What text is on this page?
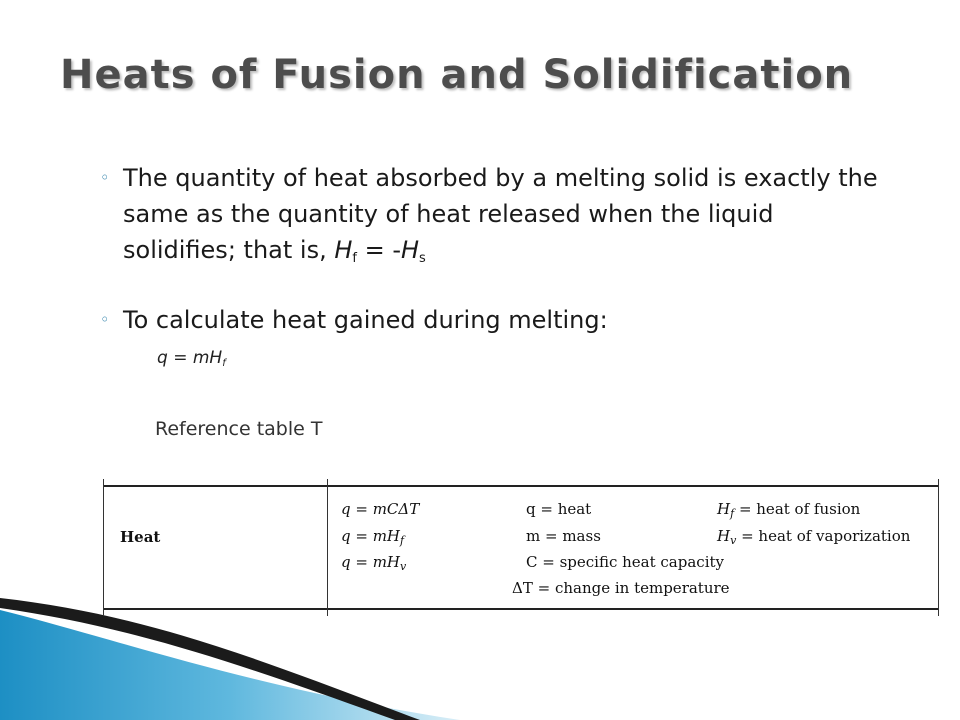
Heats of Fusion and Solidification
◦ The quantity of heat absorbed by a melting solid is exactly the same as the quantity of heat released when the liquid solidifies; that is, $H_f = -H_s$
◦ To calculate heat gained during melting:
$q = mH_f$
Reference table T
Heat
q = mCΔT
$q = mH_f$
$q = mH_v$
q = heat
m = mass
C = specific heat capacity
ΔT = change in temperature
$H_f$ = heat of fusion
$H_v$ = heat of vaporization
